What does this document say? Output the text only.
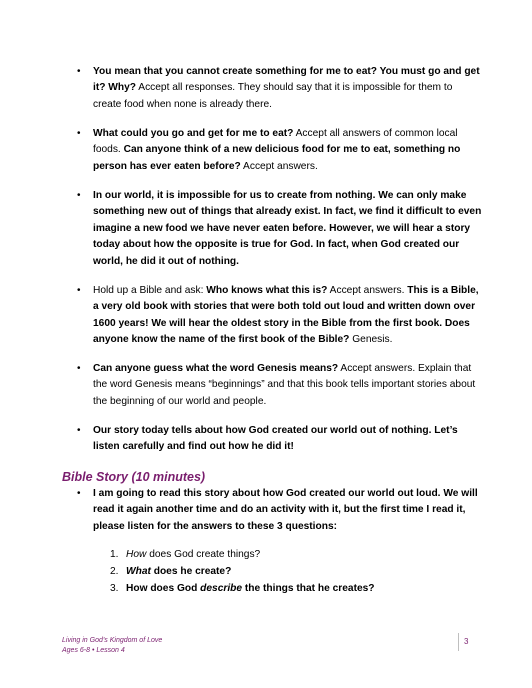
• You mean that you cannot create something for me to eat? You must go and get it? Why? Accept all responses. They should say that it is impossible for them to create food when none is already there.
• What could you go and get for me to eat? Accept all answers of common local foods. Can anyone think of a new delicious food for me to eat, something no person has ever eaten before? Accept answers.
• In our world, it is impossible for us to create from nothing. We can only make something new out of things that already exist. In fact, we find it difficult to even imagine a new food we have never eaten before. However, we will hear a story today about how the opposite is true for God. In fact, when God created our world, he did it out of nothing.
• Hold up a Bible and ask: Who knows what this is? Accept answers. This is a Bible, a very old book with stories that were both told out loud and written down over 1600 years! We will hear the oldest story in the Bible from the first book. Does anyone know the name of the first book of the Bible? Genesis.
• Can anyone guess what the word Genesis means? Accept answers. Explain that the word Genesis means “beginnings” and that this book tells important stories about the beginning of our world and people.
• Our story today tells about how God created our world out of nothing. Let’s listen carefully and find out how he did it!
Bible Story (10 minutes)
• I am going to read this story about how God created our world out loud. We will read it again another time and do an activity with it, but the first time I read it, please listen for the answers to these 3 questions:
1. How does God create things?
2. What does he create?
3. How does God describe the things that he creates?
Living in God’s Kingdom of Love
Ages 6-8 • Lesson 4
3
